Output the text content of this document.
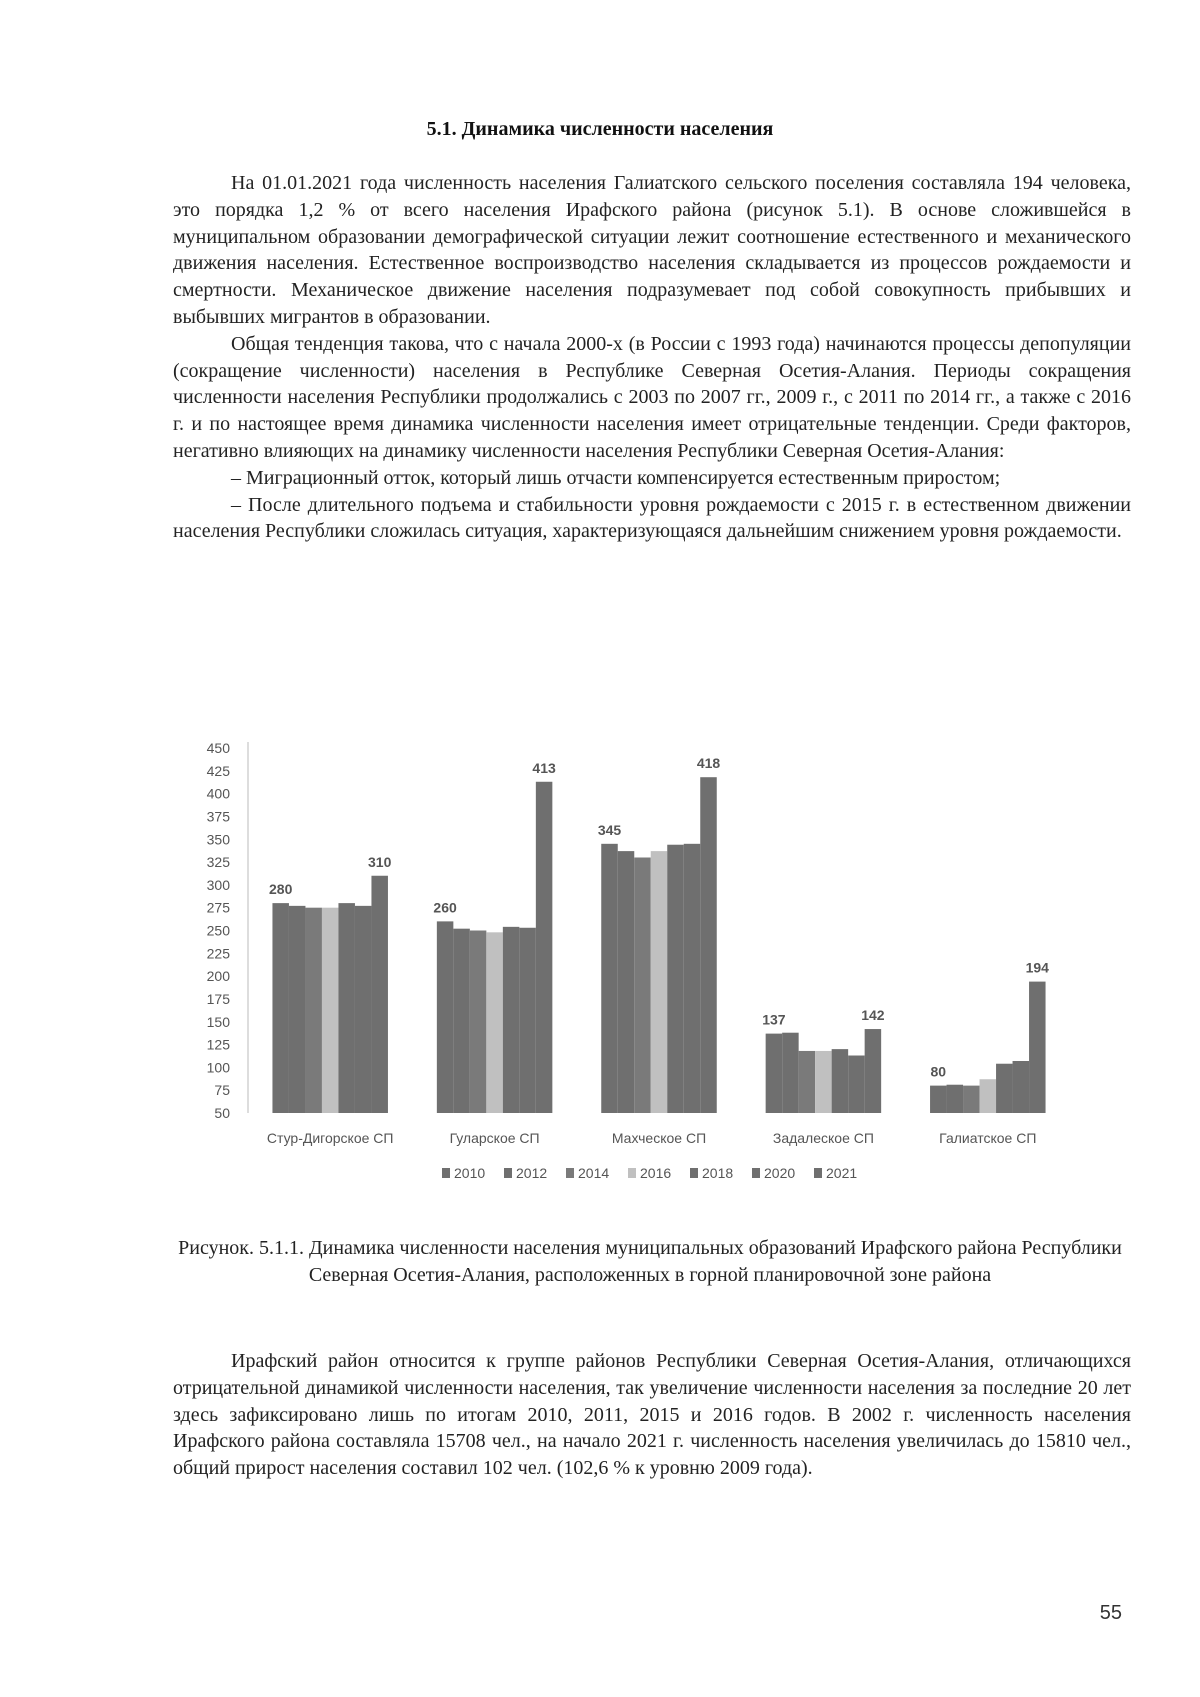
5.1. Динамика численности населения

На 01.01.2021 года численность населения Галиатского сельского поселения составляла 194 человека, это порядка 1,2 % от всего населения Ирафского района (рисунок 5.1). В основе сложившейся в муниципальном образовании демографической ситуации лежит соотношение естественного и механического движения населения. Естественное воспроизводство населения складывается из процессов рождаемости и смертности. Механическое движение населения подразумевает под собой совокупность прибывших и выбывших мигрантов в образовании.

Общая тенденция такова, что с начала 2000-х (в России с 1993 года) начинаются процессы депопуляции (сокращение численности) населения в Республике Северная Осетия-Алания. Периоды сокращения численности населения Республики продолжались с 2003 по 2007 гг., 2009 г., с 2011 по 2014 гг., а также с 2016 г. и по настоящее время динамика численности населения имеет отрицательные тенденции. Среди факторов, негативно влияющих на динамику численности населения Республики Северная Осетия-Алания:

– Миграционный отток, который лишь отчасти компенсируется естественным приростом;

– После длительного подъема и стабильности уровня рождаемости с 2015 г. в естественном движении населения Республики сложилась ситуация, характеризующаяся дальнейшим снижением уровня рождаемости.

50
75
100
125
150
175
200
225
250
275
300
325
350
375
400
425
450
280
310
260
413
345
418
137	142
80
194
Стур-Дигорское СП	Гуларское СП	Махческое СП	Задалеское СП	Галиатское СП
2010 2012 2014 2016 2018 2020 2021
Рисунок. 5.1.1. Динамика численности населения муниципальных образований Ирафского района Республики Северная Осетия-Алания, расположенных в горной планировочной зоне района

Ирафский район относится к группе районов Республики Северная Осетия-Алания, отличающихся отрицательной динамикой численности населения, так увеличение численности населения за последние 20 лет здесь зафиксировано лишь по итогам 2010, 2011, 2015 и 2016 годов. В 2002 г. численность населения Ирафского района составляла 15708 чел., на начало 2021 г. численность населения увеличилась до 15810 чел., общий прирост населения составил 102 чел. (102,6 % к уровню 2009 года).

55
